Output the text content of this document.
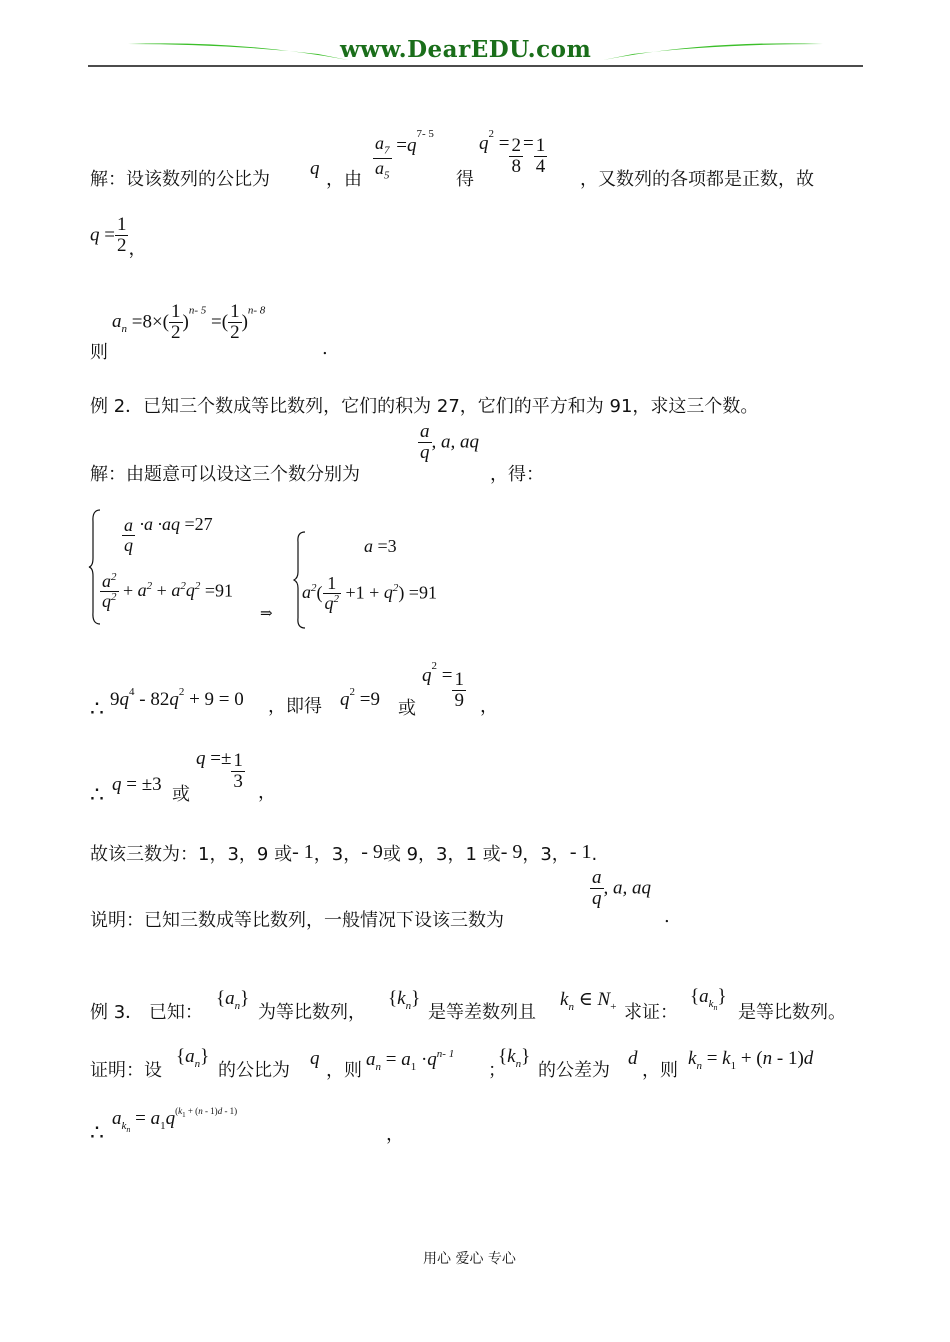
www.DearEDU.com
解：设该数列的公比为
q
，由 $\frac{a_7}{a_5} =q^{7- 5}$
得
$q^2 = \frac{2}{8} = \frac{1}{4}$
，又数列的各项都是正数，故
$q = \frac{1}{2}$ ，
则
$a_n =8\times( \frac{1}{2} )^{n- 5}$ =( $\frac{1}{2} )^{n- 8}$
.
例 2．已知三个数成等比数列，它们的积为 27，它们的平方和为 91，求这三个数。
解：由题意可以设这三个数分别为
$\frac{a}{q}$ , a, aq
，得：
$\frac{a}{q} \cdot a \cdot aq =27$
$\frac{a^2}{q^2} + a^2 + a^2q^2 =91$
⇒
a =3
$a^2( \frac{1}{q^2} +1 + q^2) =91$
∴ $9q^4 - 82q^2 + 9 = 0$ ，即得 $q^2 =9$ 或
$q^2 = \frac{1}{9}$ ，
∴ q = ±3 或
$q =\pm \frac{1}{3}$
，
故该三数为：1，3，9 或- 1，3，- 9或 9，3，1 或- 9，3，- 1.
说明：已知三数成等比数列，一般情况下设该三数为
$\frac{a}{q}$ , a, aq
.
例 3． 已知：
$\{a_n\}$
为等比数列，
$\{k_n\}$
是等差数列且
$k_n$ ∈ $N_+$ 求证：
$\{a_{k_n}\}$
是等比数列。
证明：设
$\{a_n\}$
的公比为
q
，则
$a_n = a_1 \cdot q^{n- 1}$
；
$\{k_n\}$
的公差为
d
，则
$k_n = k_1 + (n - 1)d$
∴
$a_{k_n} = a_1q^{(k_1 + (n - 1)d - 1)}$
，
用心 爱心 专心
